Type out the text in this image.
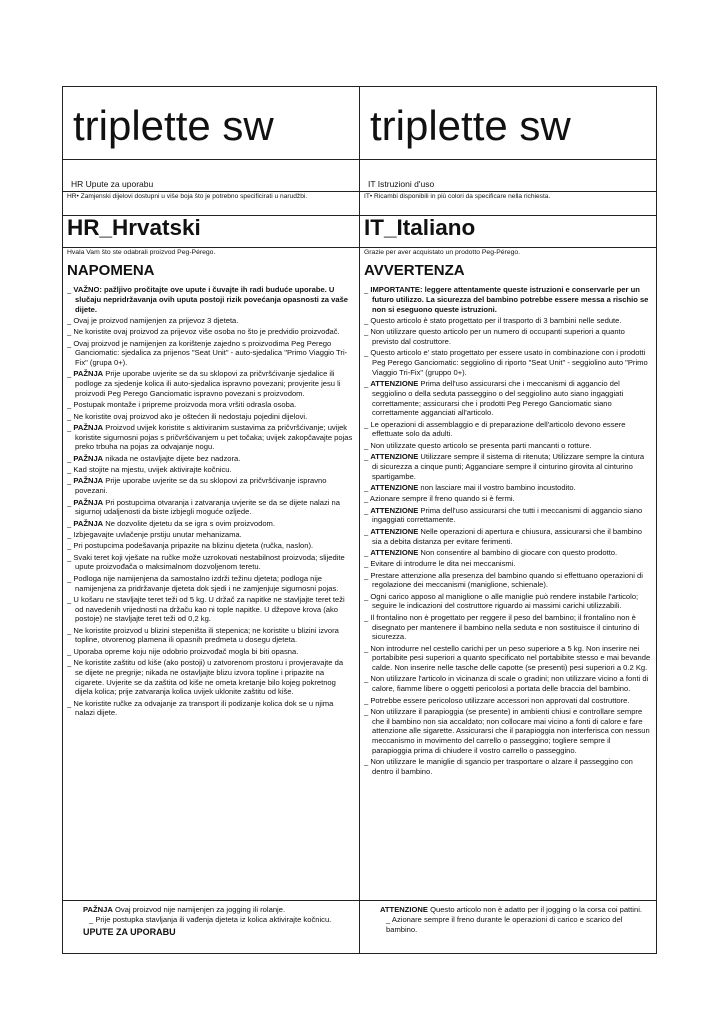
triplette sw
HR Upute za uporabu
HR• Zamjenski dijelovi dostupni u više boja što je potrebno specificirati u narudžbi.
HR_Hrvatski
Hvala Vam što ste odabrali proizvod Peg-Pérego.
NAPOMENA
_ VAŽNO: pažljivo pročitajte ove upute i čuvajte ih radi buduće uporabe. U slučaju nepridržavanja ovih uputa postoji rizik povećanja opasnosti za vaše dijete.
_ Ovaj je proizvod namijenjen za prijevoz 3 djeteta.
_ Ne koristite ovaj proizvod za prijevoz više osoba no što je predvidio proizvođač.
_ Ovaj proizvod je namijenjen za korištenje zajedno s proizvodima Peg Perego Ganciomatic: sjedalica za prijenos "Seat Unit" - auto-sjedalica "Primo Viaggio Tri-Fix" (grupa 0+).
_ PAŽNJA Prije uporabe uvjerite se da su sklopovi za pričvršćivanje sjedalice ili podloge za sjedenje kolica ili auto-sjedalica ispravno povezani; provjerite jesu li proizvodi Peg Perego Ganciomatic ispravno povezani s proizvodom.
_ Postupak montaže i pripreme proizvoda mora vršiti odrasla osoba.
_ Ne koristite ovaj proizvod ako je oštećen ili nedostaju pojedini dijelovi.
_ PAŽNJA Proizvod uvijek koristite s aktiviranim sustavima za pričvršćivanje; uvijek koristite sigurnosni pojas s pričvršćivanjem u pet točaka; uvijek zakopčavajte pojas preko trbuha na pojas za odvajanje nogu.
_ PAŽNJA nikada ne ostavljajte dijete bez nadzora.
_ Kad stojite na mjestu, uvijek aktivirajte kočnicu.
_ PAŽNJA Prije uporabe uvjerite se da su sklopovi za pričvršćivanje ispravno povezani.
_ PAŽNJA Pri postupcima otvaranja i zatvaranja uvjerite se da se dijete nalazi na sigurnoj udaljenosti da biste izbjegli moguće ozljede.
_ PAŽNJA Ne dozvolite djetetu da se igra s ovim proizvodom.
_ Izbjegavajte uvlačenje prstiju unutar mehanizama.
_ Pri postupcima podešavanja pripazite na blizinu djeteta (ručka, naslon).
_ Svaki teret koji vješate na ručke može uzrokovati nestabilnost proizvoda; slijedite upute proizvođača o maksimalnom dozvoljenom teretu.
_ Podloga nije namijenjena da samostalno izdrži težinu djeteta; podloga nije namijenjena za pridržavanje djeteta dok sjedi i ne zamjenjuje sigurnosni pojas.
_ U košaru ne stavljajte teret teži od 5 kg. U držač za napitke ne stavljajte teret teži od navedenih vrijednosti na držaču kao ni tople napitke. U džepove krova (ako postoje) ne stavljajte teret teži od 0,2 kg.
_ Ne koristite proizvod u blizini stepeništa ili stepenica; ne koristite u blizini izvora topline, otvorenog plamena ili opasnih predmeta u dosegu djeteta.
_ Uporaba opreme koju nije odobrio proizvođač mogla bi biti opasna.
_ Ne koristite zaštitu od kiše (ako postoji) u zatvorenom prostoru i provjeravajte da se dijete ne pregrije; nikada ne ostavljajte blizu izvora topline i pripazite na cigarete. Uvjerite se da zaštita od kiše ne ometa kretanje bilo kojeg pokretnog dijela kolica; prije zatvaranja kolica uvijek uklonite zaštitu od kiše.
_ Ne koristite ručke za odvajanje za transport ili podizanje kolica dok se u njima nalazi dijete.
PAŽNJA Ovaj proizvod nije namijenjen za jogging ili rolanje.
_ Prije postupka stavljanja ili vađenja djeteta iz kolica aktivirajte kočnicu.
UPUTE ZA UPORABU
triplette sw
IT Istruzioni d'uso
IT• Ricambi disponibili in più colori da specificare nella richiesta.
IT_Italiano
Grazie per aver acquistato un prodotto Peg-Pérego.
AVVERTENZA
_ IMPORTANTE: leggere attentamente queste istruzioni e conservarle per un futuro utilizzo. La sicurezza del bambino potrebbe essere messa a rischio se non si eseguono queste istruzioni.
_ Questo articolo è stato progettato per il trasporto di 3 bambini nelle sedute.
_ Non utilizzare questo articolo per un numero di occupanti superiori a quanto previsto dal costruttore.
_ Questo articolo e' stato progettato per essere usato in combinazione con i prodotti Peg Perego Ganciomatic: seggiolino di riporto "Seat Unit" - seggiolino auto "Primo Viaggio Tri-Fix" (gruppo 0+).
_ ATTENZIONE Prima dell'uso assicurarsi che i meccanismi di aggancio del seggiolino o della seduta passeggino o del seggiolino auto siano ingaggiati correttamente; assicurarsi che i prodotti Peg Perego Ganciomatic siano correttamente agganciati all'articolo.
_ Le operazioni di assemblaggio e di preparazione dell'articolo devono essere effettuate solo da adulti.
_ Non utilizzate questo articolo se presenta parti mancanti o rotture.
_ ATTENZIONE Utilizzare sempre il sistema di ritenuta; Utilizzare sempre la cintura di sicurezza a cinque punti; Agganciare sempre il cinturino girovita al cinturino spartigambe.
_ ATTENZIONE non lasciare mai il vostro bambino incustodito.
_ Azionare sempre il freno quando si è fermi.
_ ATTENZIONE Prima dell'uso assicurarsi che tutti i meccanismi di aggancio siano ingaggiati correttamente.
_ ATTENZIONE Nelle operazioni di apertura e chiusura, assicurarsi che il bambino sia a debita distanza per evitare ferimenti.
_ ATTENZIONE Non consentire al bambino di giocare con questo prodotto.
_ Evitare di introdurre le dita nei meccanismi.
_ Prestare attenzione alla presenza del bambino quando si effettuano operazioni di regolazione dei meccanismi (maniglione, schienale).
_ Ogni carico apposo al maniglione o alle maniglie può rendere instabile l'articolo; seguire le indicazioni del costruttore riguardo ai massimi carichi utilizzabili.
_ Il frontalino non è progettato per reggere il peso del bambino; il frontalino non è disegnato per mantenere il bambino nella seduta e non sostituisce il cinturino di sicurezza.
_ Non introdurre nel cestello carichi per un peso superiore a 5 kg. Non inserire nei portabibite pesi superiori a quanto specificato nel portabibite stesso e mai bevande calde. Non inserire nelle tasche delle capotte (se presenti) pesi superiori a 0.2 Kg.
_ Non utilizzare l'articolo in vicinanza di scale o gradini; non utilizzare vicino a fonti di calore, fiamme libere o oggetti pericolosi a portata delle braccia del bambino.
_ Potrebbe essere pericoloso utilizzare accessori non approvati dal costruttore.
_ Non utilizzare il parapioggia (se presente) in ambienti chiusi e controllare sempre che il bambino non sia accaldato; non collocare mai vicino a fonti di calore e fare attenzione alle sigarette. Assicurarsi che il parapioggia non interferisca con nessun meccanismo in movimento del carrello o passeggino; togliere sempre il parapioggia prima di chiudere il vostro carrello o passeggino.
_ Non utilizzare le maniglie di sgancio per trasportare o alzare il passeggino con dentro il bambino.
ATTENZIONE Questo articolo non è adatto per il jogging o la corsa coi pattini.
_ Azionare sempre il freno durante le operazioni di carico e scarico del bambino.
